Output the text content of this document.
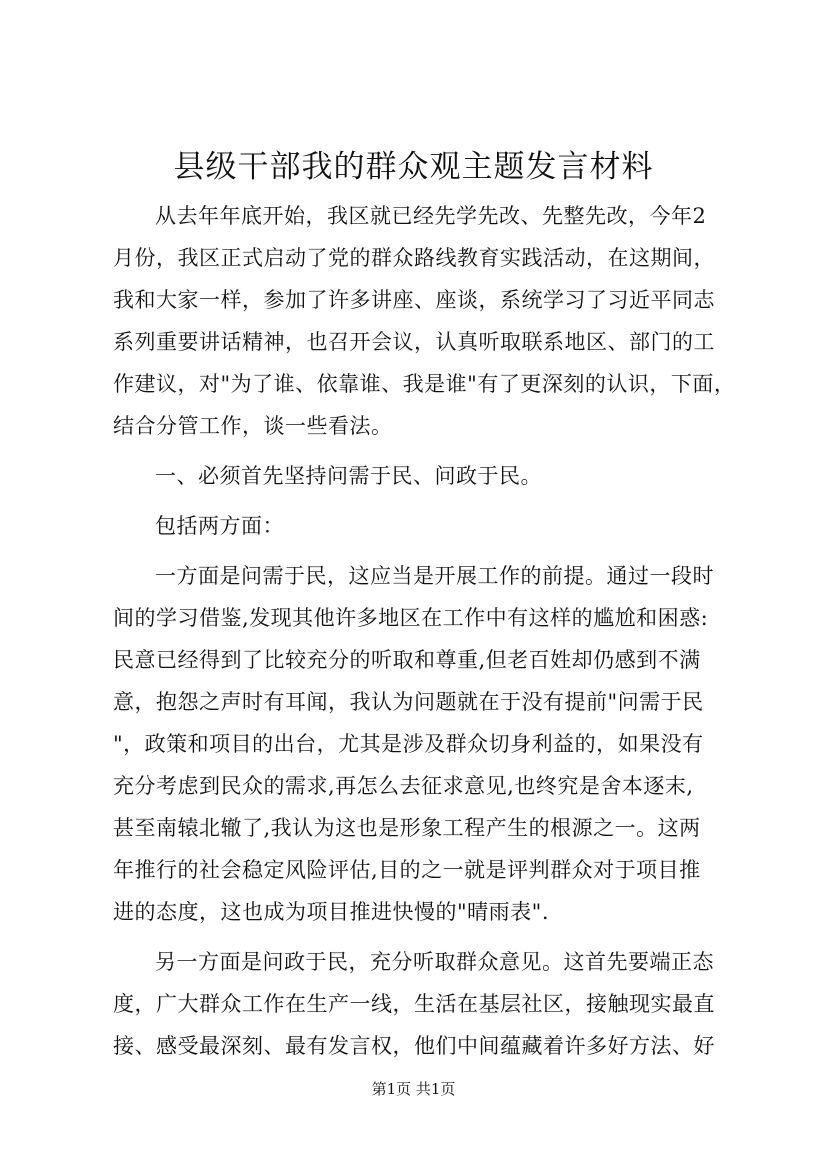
县级干部我的群众观主题发言材料
从去年年底开始，我区就已经先学先改、先整先改，今年2
月份，我区正式启动了党的群众路线教育实践活动，在这期间，
我和大家一样，参加了许多讲座、座谈，系统学习了习近平同志
系列重要讲话精神，也召开会议，认真听取联系地区、部门的工
作建议，对"为了谁、依靠谁、我是谁"有了更深刻的认识，下面，
结合分管工作，谈一些看法。
一、必须首先坚持问需于民、问政于民。
包括两方面：
一方面是问需于民，这应当是开展工作的前提。通过一段时
间的学习借鉴,发现其他许多地区在工作中有这样的尴尬和困惑:
民意已经得到了比较充分的听取和尊重,但老百姓却仍感到不满
意，抱怨之声时有耳闻，我认为问题就在于没有提前"问需于民
"，政策和项目的出台，尤其是涉及群众切身利益的，如果没有
充分考虑到民众的需求,再怎么去征求意见,也终究是舍本逐末,
甚至南辕北辙了,我认为这也是形象工程产生的根源之一。这两
年推行的社会稳定风险评估,目的之一就是评判群众对于项目推
进的态度，这也成为项目推进快慢的"晴雨表".
另一方面是问政于民，充分听取群众意见。这首先要端正态
度，广大群众工作在生产一线，生活在基层社区，接触现实最直
接、感受最深刻、最有发言权，他们中间蕴藏着许多好方法、好
第1页 共1页
